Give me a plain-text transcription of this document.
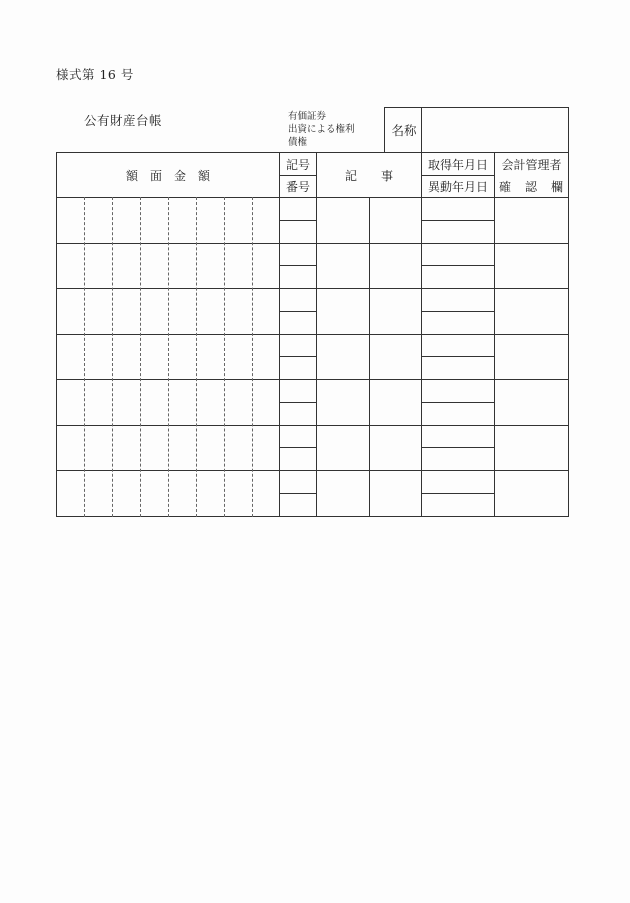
様式第 16 号
公有財産台帳	有価証券
出資による権利
債権
名称
額　面　金　額
記号
番号
記　　事
取得年月日
異動年月日
会計管理者
確　認　欄
